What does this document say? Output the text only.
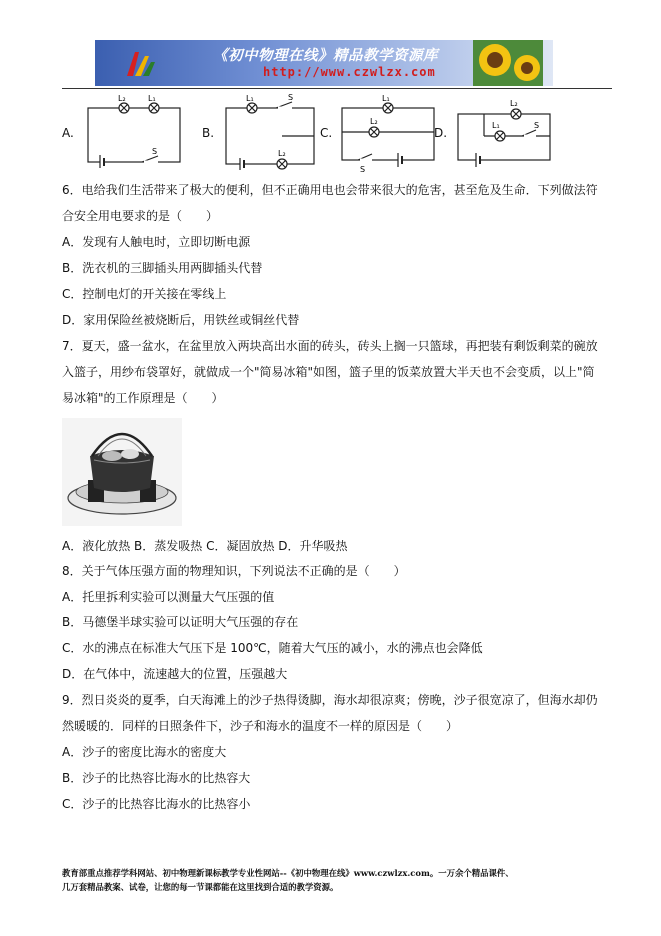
《初中物理在线》精品教学资源库
http://www.czwlzx.com
A.
L₂	L₁
S
B.
L₁
L₂
S
C.
L₁
L₂
S
D.
L₂
L₁	S
6．电给我们生活带来了极大的便利，但不正确用电也会带来很大的危害，甚至危及生命．下列做法符
合安全用电要求的是（　　）
A．发现有人触电时，立即切断电源
B．洗衣机的三脚插头用两脚插头代替
C．控制电灯的开关接在零线上
D．家用保险丝被烧断后，用铁丝或铜丝代替
7．夏天，盛一盆水，在盆里放入两块高出水面的砖头，砖头上搁一只篮球，再把装有剩饭剩菜的碗放
入篮子，用纱布袋罩好，就做成一个"简易冰箱"如图，篮子里的饭菜放置大半天也不会变质，以上"简
易冰箱"的工作原理是（　　）
A．液化放热 B．蒸发吸热 C．凝固放热 D．升华吸热
8．关于气体压强方面的物理知识，下列说法不正确的是（　　）
A．托里拆利实验可以测量大气压强的值
B．马德堡半球实验可以证明大气压强的存在
C．水的沸点在标准大气压下是 100℃，随着大气压的减小，水的沸点也会降低
D．在气体中，流速越大的位置，压强越大
9．烈日炎炎的夏季，白天海滩上的沙子热得烫脚，海水却很凉爽；傍晚，沙子很宽凉了，但海水却仍
然暖暖的．同样的日照条件下，沙子和海水的温度不一样的原因是（　　）
A．沙子的密度比海水的密度大
B．沙子的比热容比海水的比热容大
C．沙子的比热容比海水的比热容小
教育部重点推荐学科网站、初中物理新课标教学专业性网站--《初中物理在线》www.czwlzx.com。一万余个精品课件、
几万套精品教案、试卷，让您的每一节课都能在这里找到合适的教学资源。
